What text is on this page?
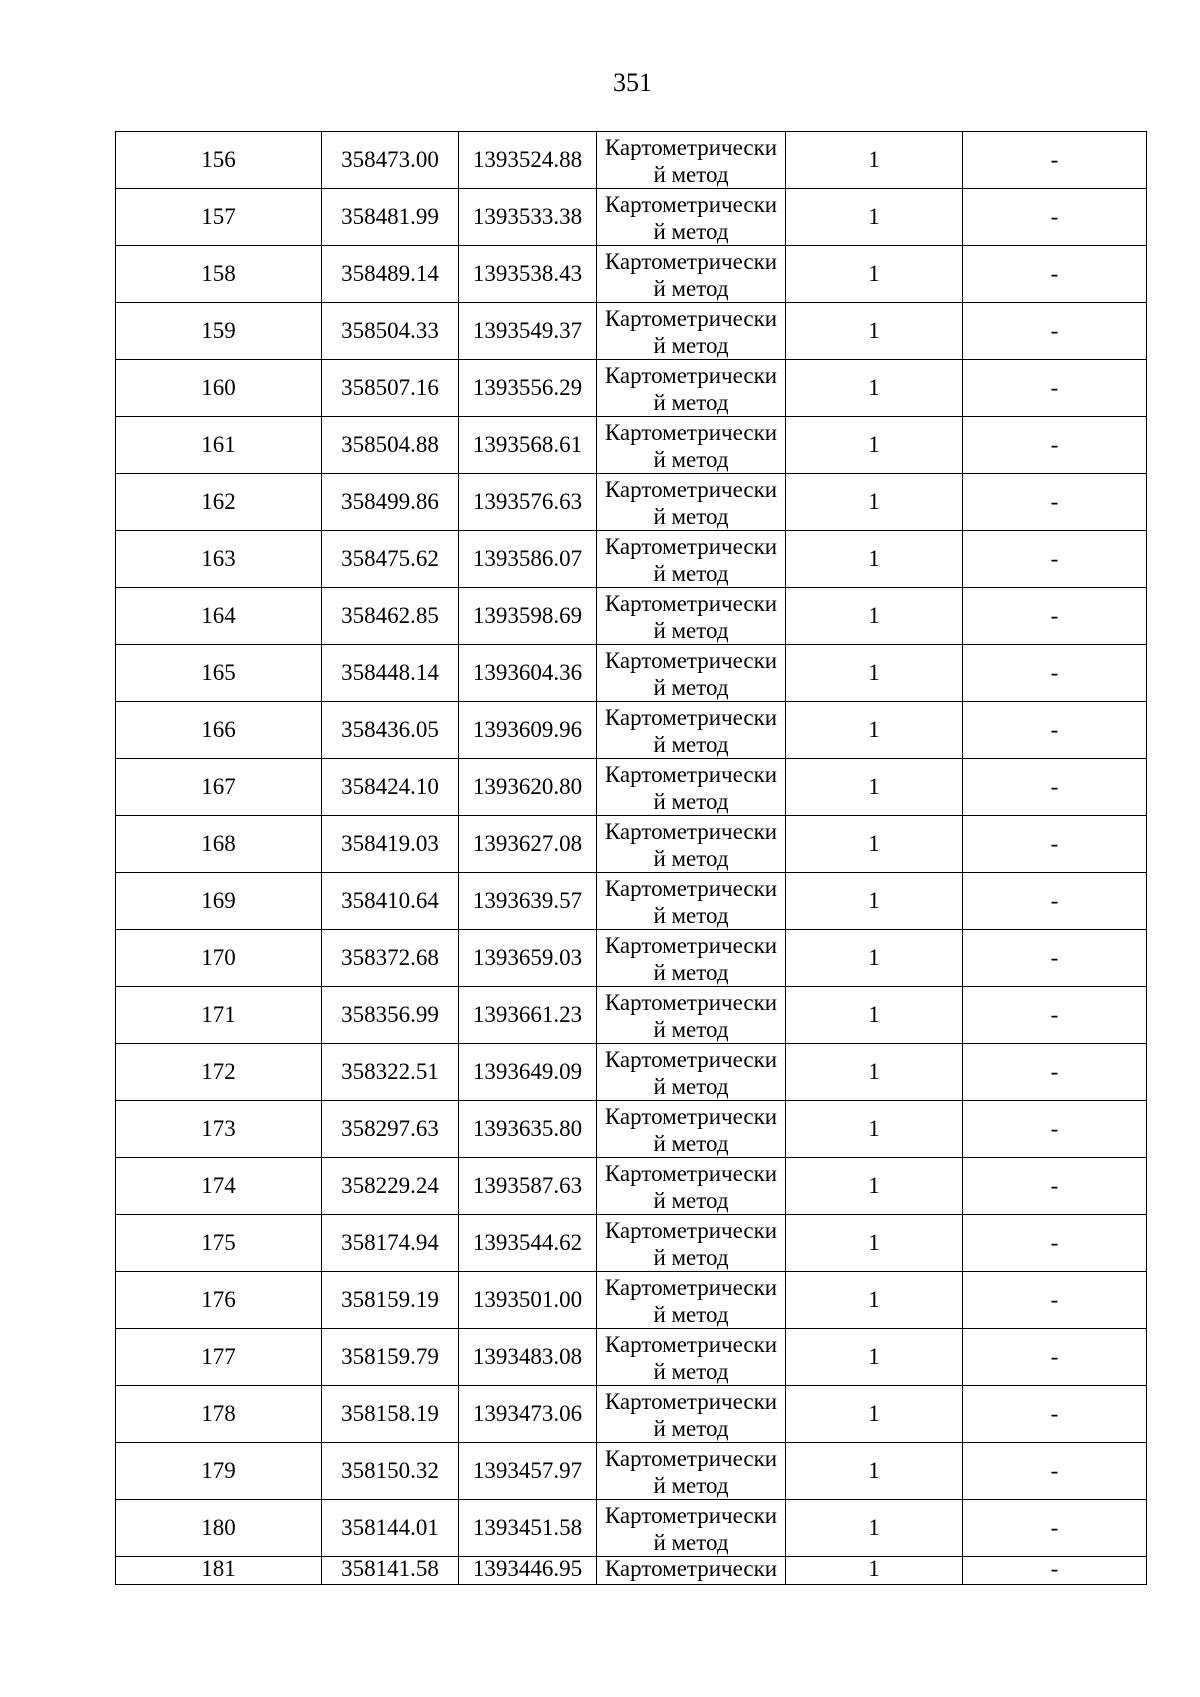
351
156	358473.00	1393524.88	Картометрически й метод	1	-
157	358481.99	1393533.38	Картометрически й метод	1	-
158	358489.14	1393538.43	Картометрически й метод	1	-
159	358504.33	1393549.37	Картометрически й метод	1	-
160	358507.16	1393556.29	Картометрически й метод	1	-
161	358504.88	1393568.61	Картометрически й метод	1	-
162	358499.86	1393576.63	Картометрически й метод	1	-
163	358475.62	1393586.07	Картометрически й метод	1	-
164	358462.85	1393598.69	Картометрически й метод	1	-
165	358448.14	1393604.36	Картометрически й метод	1	-
166	358436.05	1393609.96	Картометрически й метод	1	-
167	358424.10	1393620.80	Картометрически й метод	1	-
168	358419.03	1393627.08	Картометрически й метод	1	-
169	358410.64	1393639.57	Картометрически й метод	1	-
170	358372.68	1393659.03	Картометрически й метод	1	-
171	358356.99	1393661.23	Картометрически й метод	1	-
172	358322.51	1393649.09	Картометрически й метод	1	-
173	358297.63	1393635.80	Картометрически й метод	1	-
174	358229.24	1393587.63	Картометрически й метод	1	-
175	358174.94	1393544.62	Картометрически й метод	1	-
176	358159.19	1393501.00	Картометрически й метод	1	-
177	358159.79	1393483.08	Картометрически й метод	1	-
178	358158.19	1393473.06	Картометрически й метод	1	-
179	358150.32	1393457.97	Картометрически й метод	1	-
180	358144.01	1393451.58	Картометрически й метод	1	-
181	358141.58	1393446.95	Картометрически	1	-
